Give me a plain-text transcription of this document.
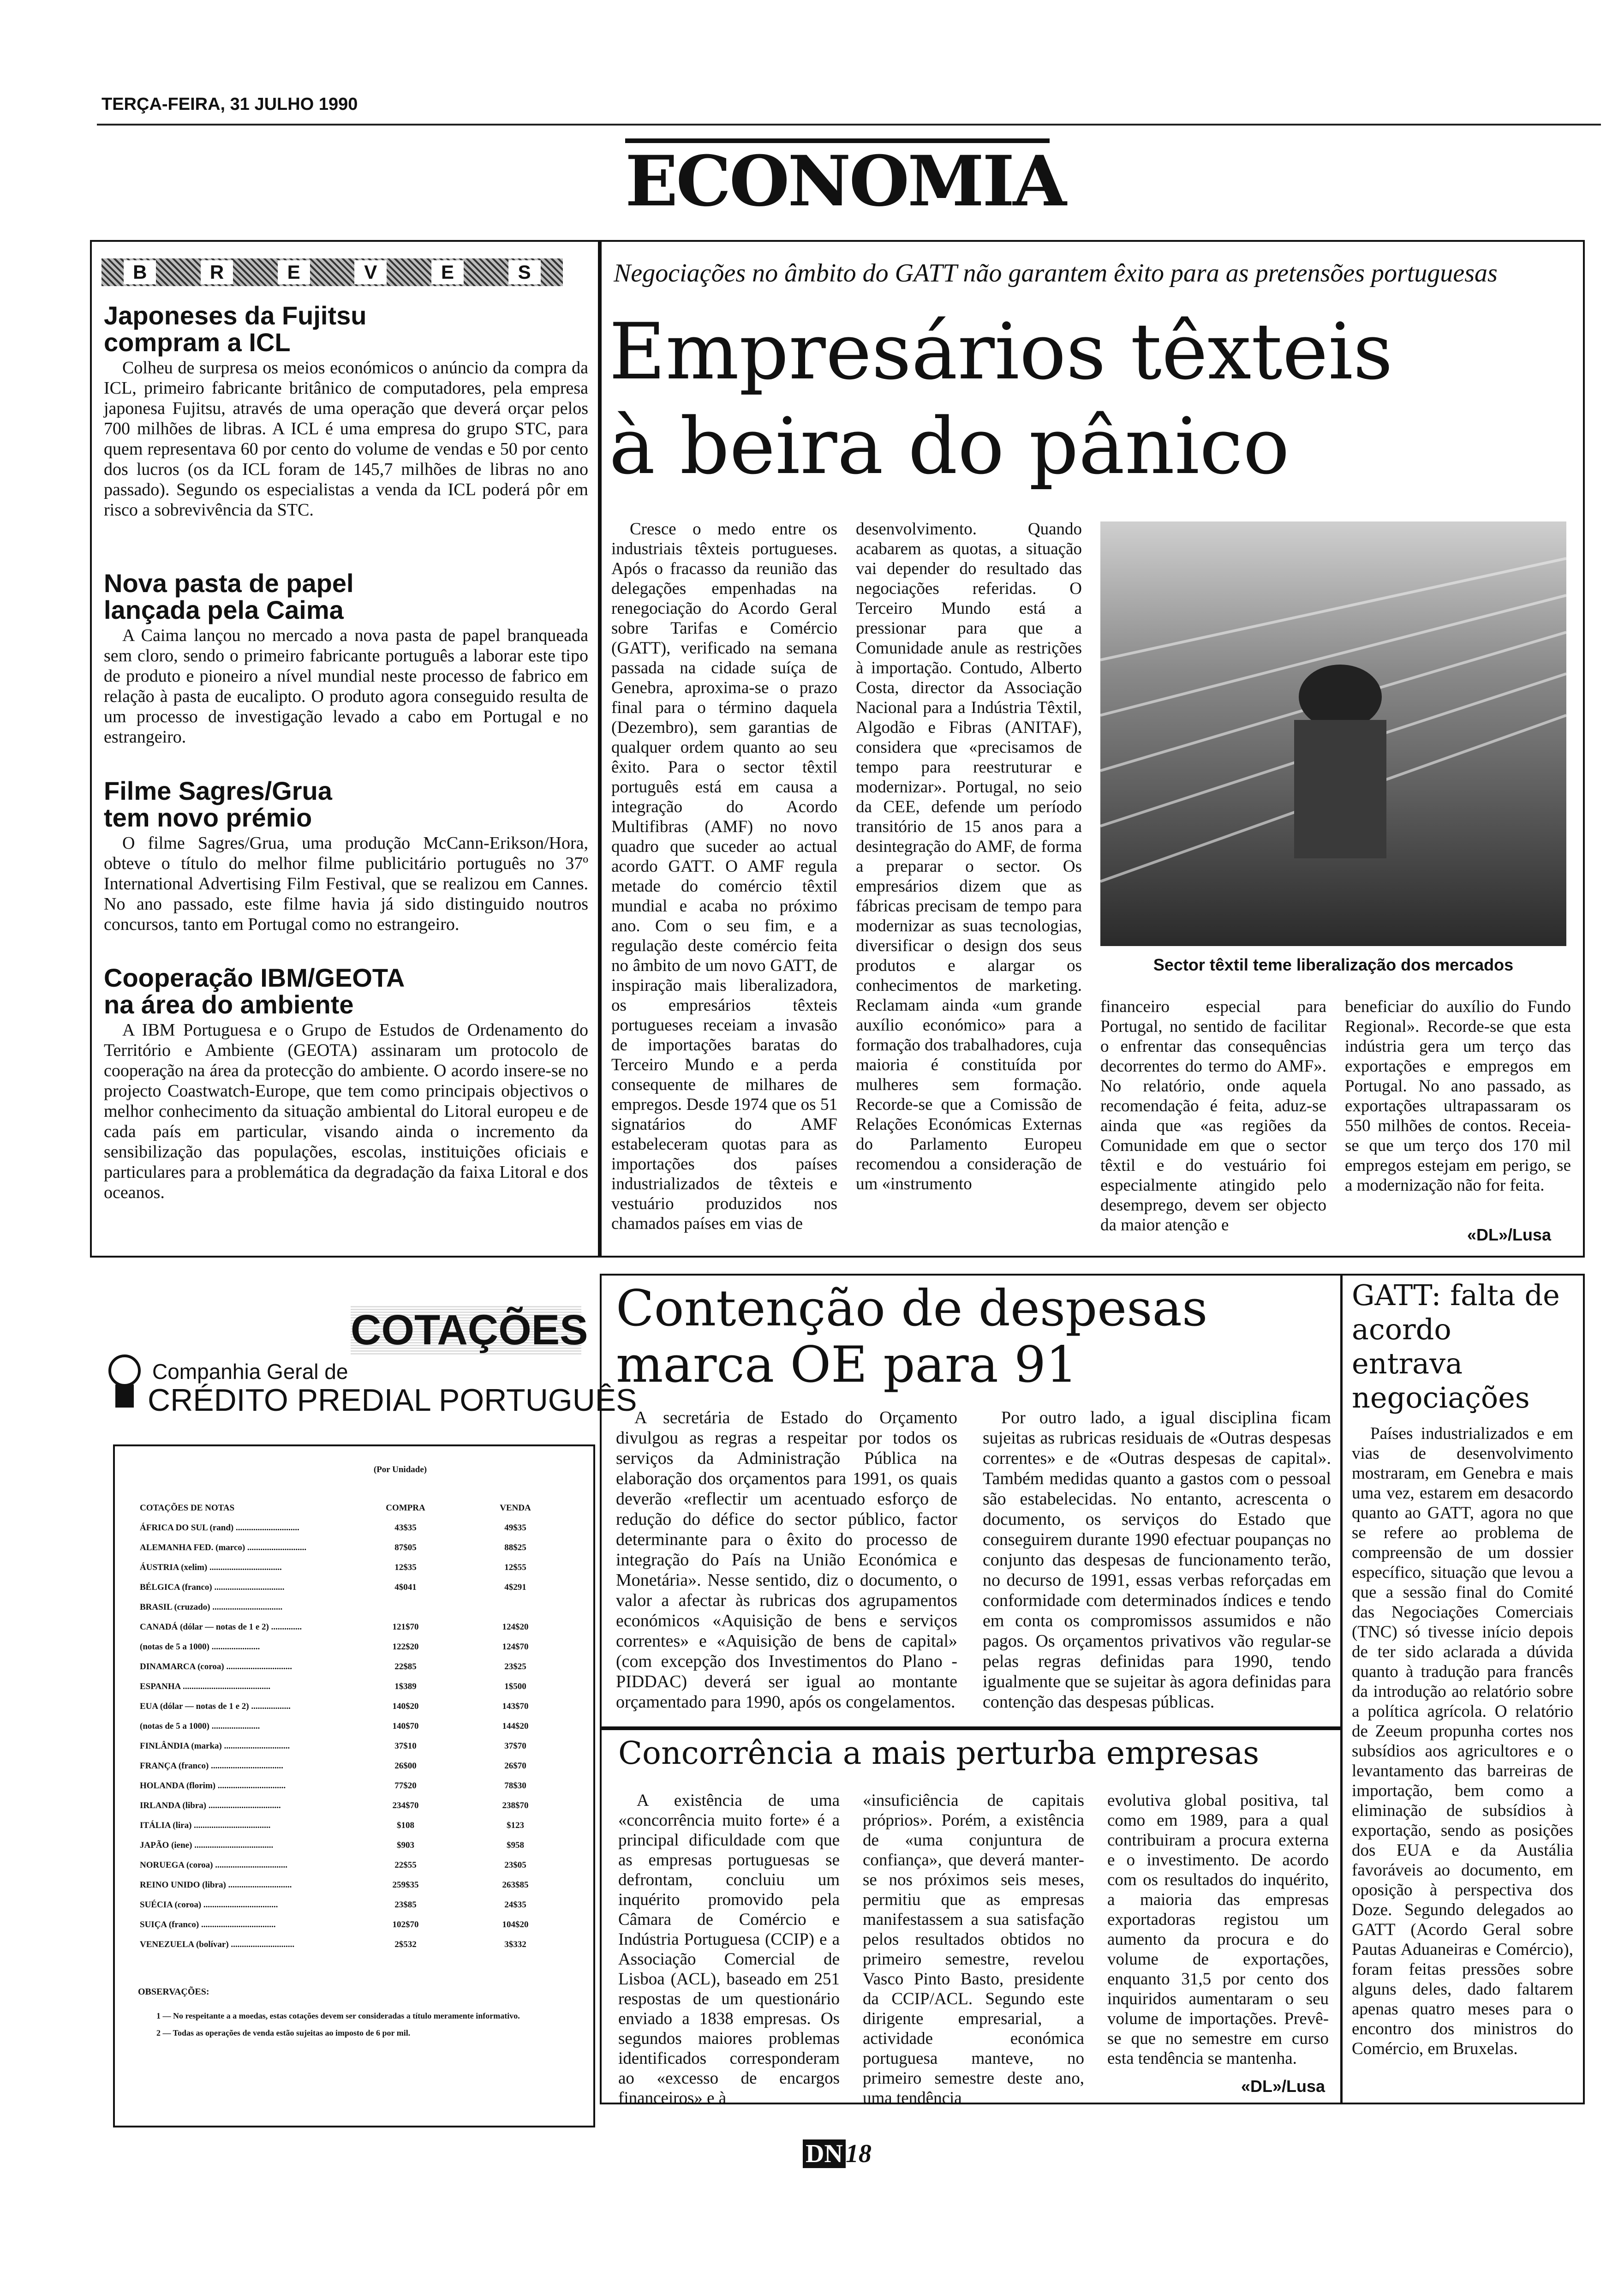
TERÇA-FEIRA, 31 JULHO 1990
ECONOMIA
B	R	E	V	E	S
Japoneses da Fujitsu
compram a ICL

Colheu de surpresa os meios económicos o anúncio da compra da ICL, primeiro fabricante britânico de computadores, pela empresa japonesa Fujitsu, através de uma operação que deverá orçar pelos 700 milhões de libras. A ICL é uma empresa do grupo STC, para quem representava 60 por cento do volume de vendas e 50 por cento dos lucros (os da ICL foram de 145,7 milhões de libras no ano passado). Segundo os especialistas a venda da ICL poderá pôr em risco a sobrevivência da STC.

Nova pasta de papel
lançada pela Caima

A Caima lançou no mercado a nova pasta de papel branqueada sem cloro, sendo o primeiro fabricante português a laborar este tipo de produto e pioneiro a nível mundial neste processo de fabrico em relação à pasta de eucalipto. O produto agora conseguido resulta de um processo de investigação levado a cabo em Portugal e no estrangeiro.

Filme Sagres/Grua
tem novo prémio

O filme Sagres/Grua, uma produção McCann-Erikson/Hora, obteve o título do melhor filme publicitário português no 37º International Advertising Film Festival, que se realizou em Cannes. No ano passado, este filme havia já sido distinguido noutros concursos, tanto em Portugal como no estrangeiro.

Cooperação IBM/GEOTA
na área do ambiente

A IBM Portuguesa e o Grupo de Estudos de Ordenamento do Território e Ambiente (GEOTA) assinaram um protocolo de cooperação na área da protecção do ambiente. O acordo insere-se no projecto Coastwatch-Europe, que tem como principais objectivos o melhor conhecimento da situação ambiental do Litoral europeu e de cada país em particular, visando ainda o incremento da sensibilização das populações, escolas, instituições oficiais e particulares para a problemática da degradação da faixa Litoral e dos oceanos.

Negociações no âmbito do GATT não garantem êxito para as pretensões portuguesas
Empresários têxteis
à beira do pânico

Cresce o medo entre os industriais têxteis portugueses. Após o fracasso da reunião das delegações empenhadas na renegociação do Acordo Geral sobre Tarifas e Comércio (GATT), verificado na semana passada na cidade suíça de Genebra, aproxima-se o prazo final para o término daquela (Dezembro), sem garantias de qualquer ordem quanto ao seu êxito. Para o sector têxtil português está em causa a integração do Acordo Multifibras (AMF) no novo quadro que suceder ao actual acordo GATT. O AMF regula metade do comércio têxtil mundial e acaba no próximo ano. Com o seu fim, e a regulação deste comércio feita no âmbito de um novo GATT, de inspiração mais liberalizadora, os empresários têxteis portugueses receiam a invasão de importações baratas do Terceiro Mundo e a perda consequente de milhares de empregos. Desde 1974 que os 51 signatários do AMF estabeleceram quotas para as importações dos países industrializados de têxteis e vestuário produzidos nos chamados países em vias de

desenvolvimento. Quando acabarem as quotas, a situação vai depender do resultado das negociações referidas. O Terceiro Mundo está a pressionar para que a Comunidade anule as restrições à importação. Contudo, Alberto Costa, director da Associação Nacional para a Indústria Têxtil, Algodão e Fibras (ANITAF), considera que «precisamos de tempo para reestruturar e modernizar». Portugal, no seio da CEE, defende um período transitório de 15 anos para a desintegração do AMF, de forma a preparar o sector. Os empresários dizem que as fábricas precisam de tempo para modernizar as suas tecnologias, diversificar o design dos seus produtos e alargar os conhecimentos de marketing. Reclamam ainda «um grande auxílio económico» para a formação dos trabalhadores, cuja maioria é constituída por mulheres sem formação. Recorde-se que a Comissão de Relações Económicas Externas do Parlamento Europeu recomendou a consideração de um «instrumento

Sector têxtil teme liberalização dos mercados

financeiro especial para Portugal, no sentido de facilitar o enfrentar das consequências decorrentes do termo do AMF». No relatório, onde aquela recomendação é feita, aduz-se ainda que «as regiões da Comunidade em que o sector têxtil e do vestuário foi especialmente atingido pelo desemprego, devem ser objecto da maior atenção e

beneficiar do auxílio do Fundo Regional». Recorde-se que esta indústria gera um terço das exportações e empregos em Portugal. No ano passado, as exportações ultrapassaram os 550 milhões de contos. Receia-se que um terço dos 170 mil empregos estejam em perigo, se a modernização não for feita.

«DL»/Lusa
COTAÇÕES
Companhia Geral de
CRÉDITO PREDIAL PORTUGUÊS
(Por Unidade)
COTAÇÕES DE NOTAS	COMPRA	VENDA
ÁFRICA DO SUL (rand) .............................	43$35	49$35
ALEMANHA FED. (marco) ...........................	87$05	88$25
ÁUSTRIA (xelim) .................................	12$35	12$55
BÉLGICA (franco) ................................	4$041	4$291
BRASIL (cruzado) ................................		
CANADÁ (dólar — notas de 1 e 2) ..............	121$70	124$20
(notas de 5 a 1000) ......................	122$20	124$70
DINAMARCA (coroa) ..............................	22$85	23$25
ESPANHA ........................................	1$389	1$500
EUA (dólar — notas de 1 e 2) ..................	140$20	143$70
(notas de 5 a 1000) ......................	140$70	144$20
FINLÂNDIA (marka) ..............................	37$10	37$70
FRANÇA (franco) .................................	26$00	26$70
HOLANDA (florim) ...............................	77$20	78$30
IRLANDA (libra) .................................	234$70	238$70
ITÁLIA (lira) ...................................	$108	$123
JAPÃO (iene) ....................................	$903	$958
NORUEGA (coroa) .................................	22$55	23$05
REINO UNIDO (libra) .............................	259$35	263$85
SUÉCIA (coroa) ..................................	23$85	24$35
SUIÇA (franco) ..................................	102$70	104$20
VENEZUELA (bolívar) .............................	2$532	3$332
OBSERVAÇÕES:
1 — No respeitante a a moedas, estas cotações devem ser consideradas a título meramente informativo.
2 — Todas as operações de venda estão sujeitas ao imposto de 6 por mil.
Contenção de despesas
marca OE para 91

A secretária de Estado do Orçamento divulgou as regras a respeitar por todos os serviços da Administração Pública na elaboração dos orçamentos para 1991, os quais deverão «reflectir um acentuado esforço de redução do défice do sector público, factor determinante para o êxito do processo de integração do País na União Económica e Monetária». Nesse sentido, diz o documento, o valor a afectar às rubricas dos agrupamentos económicos «Aquisição de bens e serviços correntes» e «Aquisição de bens de capital» (com excepção dos Investimentos do Plano - PIDDAC) deverá ser igual ao montante orçamentado para 1990, após os congelamentos.

Por outro lado, a igual disciplina ficam sujeitas as rubricas residuais de «Outras despesas correntes» e de «Outras despesas de capital». Também medidas quanto a gastos com o pessoal são estabelecidas. No entanto, acrescenta o documento, os serviços do Estado que conseguirem durante 1990 efectuar poupanças no conjunto das despesas de funcionamento terão, no decurso de 1991, essas verbas reforçadas em conformidade com determinados índices e tendo em conta os compromissos assumidos e não pagos. Os orçamentos privativos vão regular-se pelas regras definidas para 1990, tendo igualmente que se sujeitar às agora definidas para contenção das despesas públicas.

GATT: falta de acordo entrava negociações

Países industrializados e em vias de desenvolvimento mostraram, em Genebra e mais uma vez, estarem em desacordo quanto ao GATT, agora no que se refere ao problema de compreensão de um dossier específico, situação que levou a que a sessão final do Comité das Negociações Comerciais (TNC) só tivesse início depois de ter sido aclarada a dúvida quanto à tradução para francês da introdução ao relatório sobre a política agrícola. O relatório de Zeeum propunha cortes nos subsídios aos agricultores e o levantamento das barreiras de importação, bem como a eliminação de subsídios à exportação, sendo as posições dos EUA e da Austália favoráveis ao documento, em oposição à perspectiva dos Doze. Segundo delegados ao GATT (Acordo Geral sobre Pautas Aduaneiras e Comércio), foram feitas pressões sobre alguns deles, dado faltarem apenas quatro meses para o encontro dos ministros do Comércio, em Bruxelas.

Concorrência a mais perturba empresas

A existência de uma «concorrência muito forte» é a principal dificuldade com que as empresas portuguesas se defrontam, concluiu um inquérito promovido pela Câmara de Comércio e Indústria Portuguesa (CCIP) e a Associação Comercial de Lisboa (ACL), baseado em 251 respostas de um questionário enviado a 1838 empresas. Os segundos maiores problemas identificados corresponderam ao «excesso de encargos financeiros» e à

«insuficiência de capitais próprios». Porém, a existência de «uma conjuntura de confiança», que deverá manter-se nos próximos seis meses, permitiu que as empresas manifestassem a sua satisfação pelos resultados obtidos no primeiro semestre, revelou Vasco Pinto Basto, presidente da CCIP/ACL. Segundo este dirigente empresarial, a actividade económica portuguesa manteve, no primeiro semestre deste ano, uma tendência

evolutiva global positiva, tal como em 1989, para a qual contribuiram a procura externa e o investimento. De acordo com os resultados do inquérito, a maioria das empresas exportadoras registou um aumento da procura e do volume de exportações, enquanto 31,5 por cento dos inquiridos aumentaram o seu volume de importações. Prevê-se que no semestre em curso esta tendência se mantenha.

«DL»/Lusa
DN 18
